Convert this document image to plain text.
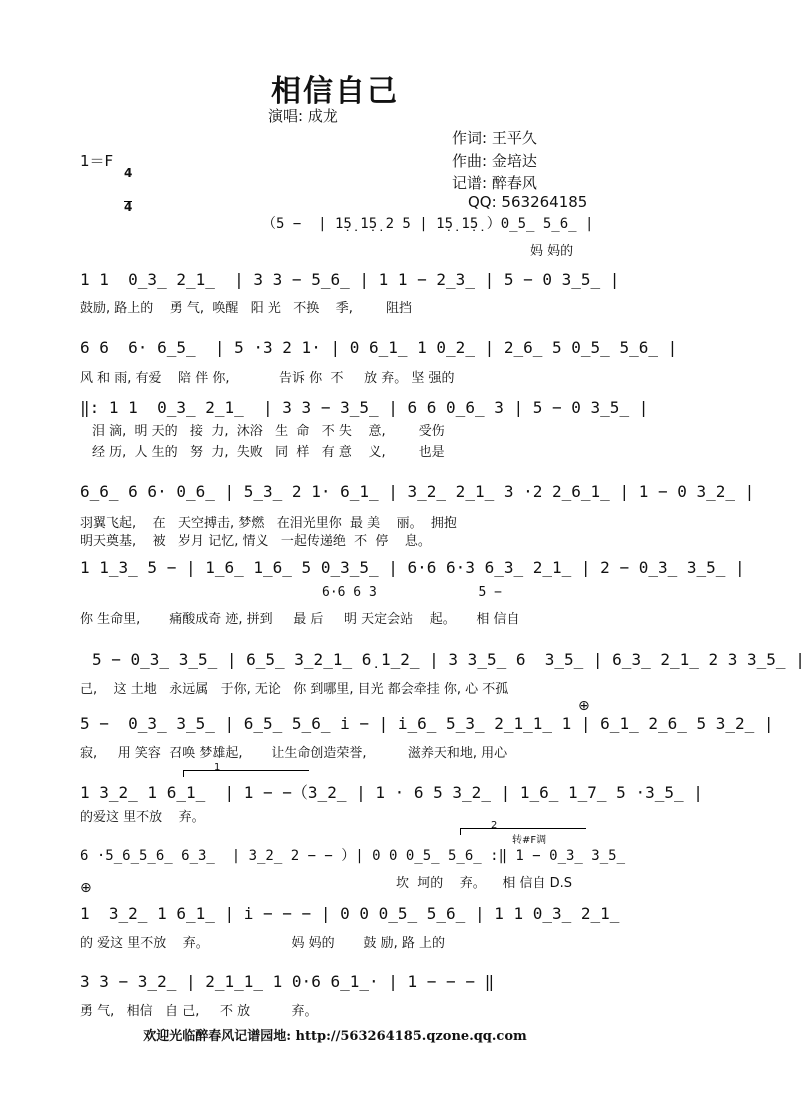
相信自己
演唱: 成龙
作词: 王平久
作曲: 金培达
记谱: 醉春风
QQ: 563264185
1＝F

$\frac{4}{4}$	（5 −  | 1̣5̣ 1̣5̣ 2 5 | 1̣5̣ 1̣5̣ ）0̲5̲ 5̲6̲ |
妈 妈的
1 1  0̲3̲ 2̲1̲  | 3 3 − 5̲6̲ | 1 1 − 2̲3̲ | 5 − 0 3̲5̲ |
鼓励, 路上的    勇 气,  唤醒   阳 光   不换    季,        阻挡
6 6  6· 6̲5̲  | 5 ·3 2 1· | 0 6̲1̲ 1 0̲2̲ | 2̲6̲ 5 0̲5̲ 5̲6̲ |
风 和 雨, 有爱    陪 伴 你,            告诉 你  不     放 弃。 坚 强的
‖: 1 1  0̲3̲ 2̲1̲  | 3 3 − 3̲5̲ | 6 6 0̲6̲ 3 | 5 − 0 3̲5̲ |
泪 滴,  明 天的   接  力,  沐浴   生  命   不 失    意,        受伤
经 历,  人 生的   努  力,  失败   同  样   有 意    义,        也是
6̲6̲ 6 6· 0̲6̲ | 5̲3̲ 2 1· 6̲1̲ | 3̲2̲ 2̲1̲ 3 ·2 2̲6̲1̲ | 1 − 0 3̲2̲ |
羽翼飞起,    在   天空搏击, 梦燃   在泪光里你  最 美    丽。  拥抱
明天奠基,    被   岁月 记忆, 情义   一起传递绝  不  停    息。
1 1̲3̲ 5 − | 1̲6̲ 1̲6̲ 5 0̲3̲5̲ | 6·6 6·3 6̲3̲ 2̲1̲ | 2 − 0̲3̲ 3̲5̲ |
6·6 6 3             5 −
你 生命里,       痛酸成奇 迹, 拼到     最 后     明 天定会站    起。     相 信自
5 − 0̲3̲ 3̲5̲ | 6̲5̲ 3̲2̲1̲ 6̣ 1̲2̲ | 3 3̲5̲ 6  3̲5̲ | 6̲3̲ 2̲1̲ 2 3 3̲5̲ |
己,    这 土地   永远属   于你, 无论   你 到哪里, 目光 都会牵挂 你, 心 不孤
5 −  0̲3̲ 3̲5̲ | 6̲5̲ 5̲6̲ i − | i̲6̲ 5̲3̲ 2̲1̲1̲ 1 | 6̲1̲ 2̲6̲ 5 3̲2̲ |
⊕
寂,     用 笑容  召唤 梦雄起,       让生命创造荣誉,          滋养天和地, 用心
1
1 3̲2̲ 1 6̲1̲  | 1 − −（3̲2̲ | 1 · 6 5 3̲2̲ | 1̲6̲ 1̲7̲ 5 ·3̲5̲ |
的爱这 里不放    弃。
2
转#F调
6 ·5̲6̲5̲6̲ 6̲3̲  | 3̲2̲ 2 − − ）| 0 0 0̲5̲ 5̲6̲ :‖ 1 − 0̲3̲ 3̲5̲
坎  坷的    弃。    相 信自 D.S
⊕
1  3̲2̲ 1 6̲1̲ | i − − − | 0 0 0̲5̲ 5̲6̲ | 1 1 0̲3̲ 2̲1̲
的 爱这 里不放    弃。                    妈 妈的       鼓 励, 路 上的
3 3 − 3̲2̲ | 2̲1̲1̲ 1 0·6 6̲1̲· | 1 − − − ‖
勇 气,   相信   自 己,     不 放          弃。
欢迎光临醉春风记谱园地: http://563264185.qzone.qq.com
